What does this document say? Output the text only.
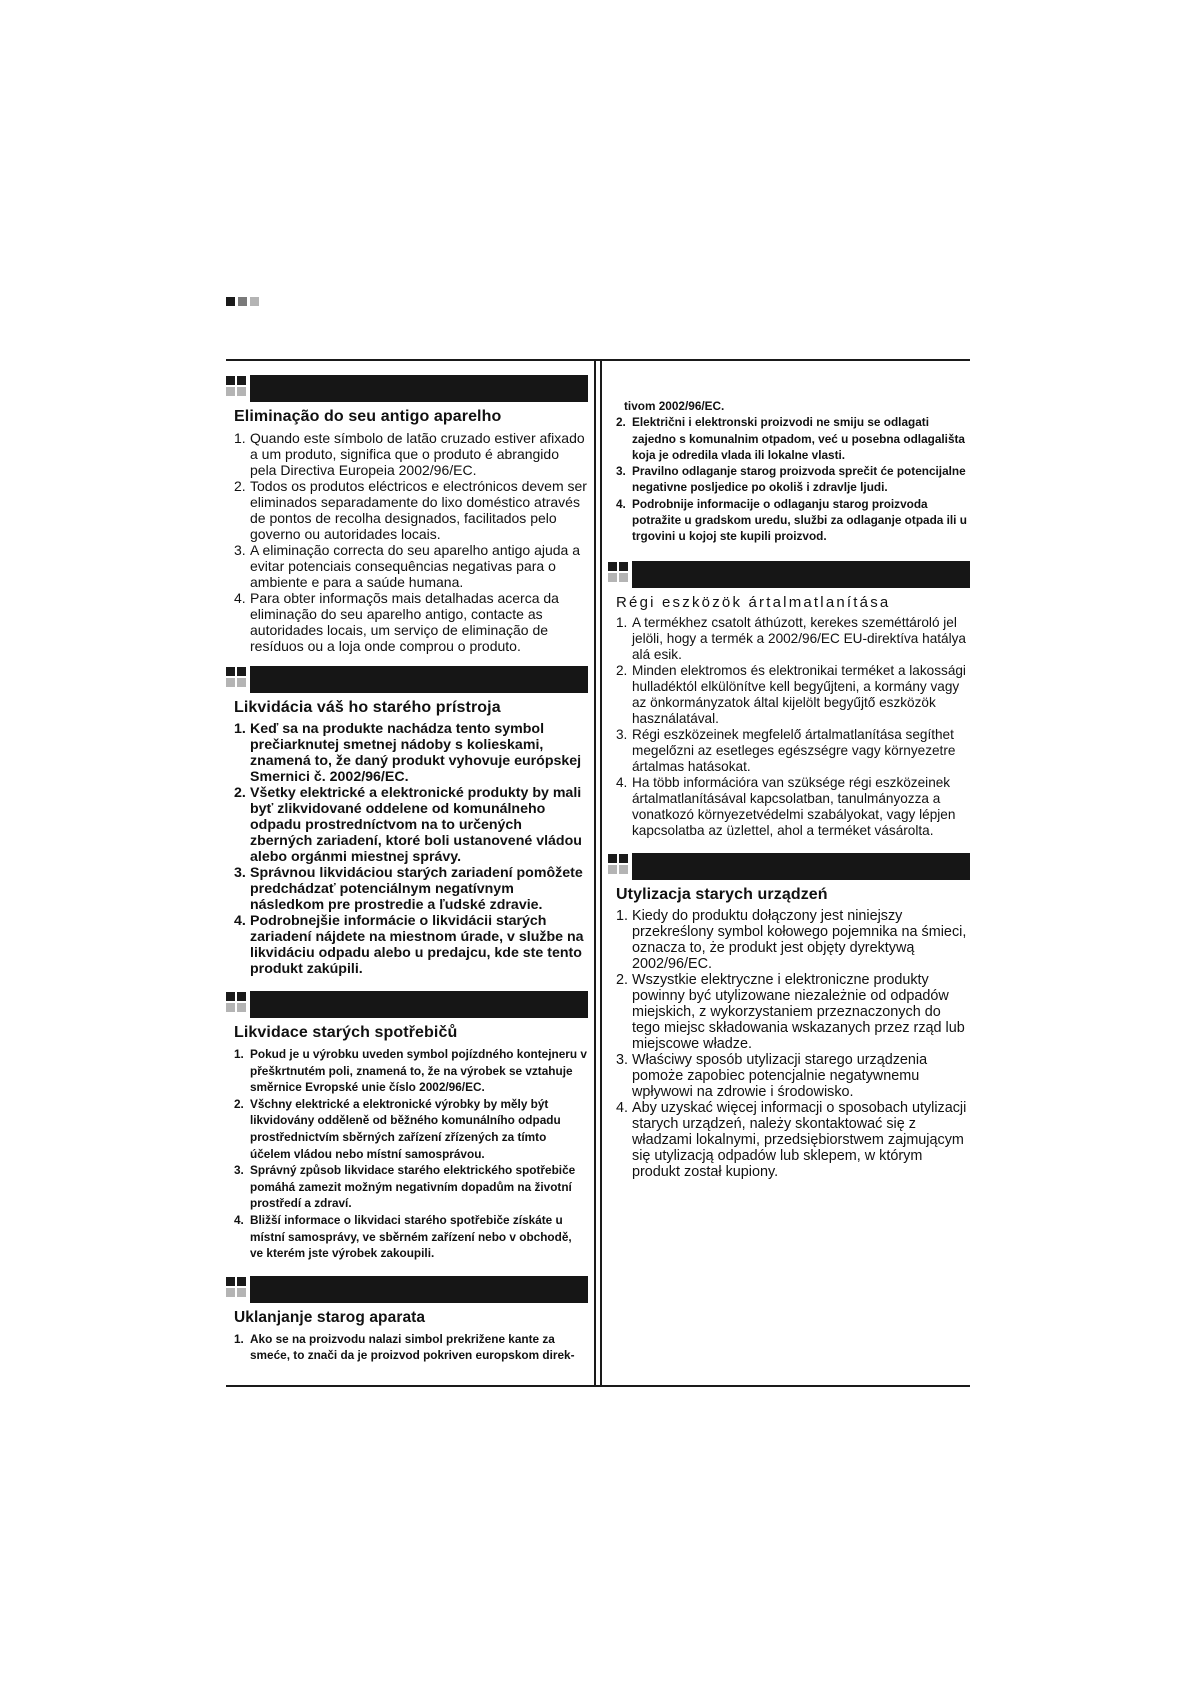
Eliminação do seu antigo aparelho
1. Quando este símbolo de latão cruzado estiver afixado a um produto, significa que o produto é abrangido pela Directiva Europeia 2002/96/EC.
2. Todos os produtos eléctricos e electrónicos devem ser eliminados separadamente do lixo doméstico através de pontos de recolha designados, facilitados pelo governo ou autoridades locais.
3. A eliminação correcta do seu aparelho antigo ajuda a evitar potenciais consequências negativas para o ambiente e para a saúde humana.
4. Para obter informaçõs mais detalhadas acerca da eliminação do seu aparelho antigo, contacte as autoridades locais, um serviço de eliminação de resíduos ou a loja onde comprou o produto.
Likvidácia váš ho starého prístroja
1. Keď sa na produkte nachádza tento symbol prečiarknutej smetnej nádoby s kolieskami, znamená to, že daný produkt vyhovuje európskej Smernici č. 2002/96/EC.
2. Všetky elektrické a elektronické produkty by mali byť zlikvidované oddelene od komunálneho odpadu prostredníctvom na to určených zberných zariadení, ktoré boli ustanovené vládou alebo orgánmi miestnej správy.
3. Správnou likvidáciou starých zariadení pomôžete predchádzať potenciálnym negatívnym následkom pre prostredie a ľudské zdravie.
4. Podrobnejšie informácie o likvidácii starých zariadení nájdete na miestnom úrade, v službe na likvidáciu odpadu alebo u predajcu, kde ste tento produkt zakúpili.
Likvidace starých spotřebičů
1. Pokud je u výrobku uveden symbol pojízdného kontejneru v přeškrtnutém poli, znamená to, že na výrobek se vztahuje směrnice Evropské unie číslo 2002/96/EC.
2. Všchny elektrické a elektronické výrobky by měly být likvidovány odděleně od běžného komunálního odpadu prostřednictvím sběrných zařízení zřízených za tímto účelem vládou nebo místní samosprávou.
3. Správný způsob likvidace starého elektrického spotřebiče pomáhá zamezit možným negativním dopadům na životní prostředí a zdraví.
4. Bližší informace o likvidaci starého spotřebiče získáte u místní samosprávy, ve sběrném zařízení nebo v obchodě, ve kterém jste výrobek zakoupili.
Uklanjanje starog aparata
1. Ako se na proizvodu nalazi simbol prekrižene kante za smeće, to znači da je proizvod pokriven europskom direk-
tivom 2002/96/EC.
2. Električni i elektronski proizvodi ne smiju se odlagati zajedno s komunalnim otpadom, već u posebna odlagališta koja je odredila vlada ili lokalne vlasti.
3. Pravilno odlaganje starog proizvoda sprečit će potencijalne negativne posljedice po okoliš i zdravlje ljudi.
4. Podrobnije informacije o odlaganju starog proizvoda potražite u gradskom uredu, službi za odlaganje otpada ili u trgovini u kojoj ste kupili proizvod.
Régi eszközök ártalmatlanítása
1. A termékhez csatolt áthúzott, kerekes szeméttároló jel jelöli, hogy a termék a 2002/96/EC EU-direktíva hatálya alá esik.
2. Minden elektromos és elektronikai terméket a lakossági hulladéktól elkülönítve kell begyűjteni, a kormány vagy az önkormányzatok által kijelölt begyűjtő eszközök használatával.
3. Régi eszközeinek megfelelő ártalmatlanítása segíthet megelőzni az esetleges egészségre vagy környezetre ártalmas hatásokat.
4. Ha több információra van szüksége régi eszközeinek ártalmatlanításával kapcsolatban, tanulmányozza a vonatkozó környezetvédelmi szabályokat, vagy lépjen kapcsolatba az üzlettel, ahol a terméket vásárolta.
Utylizacja starych urządzeń
1. Kiedy do produktu dołączony jest niniejszy przekreślony symbol kołowego pojemnika na śmieci, oznacza to, że produkt jest objęty dyrektywą 2002/96/EC.
2. Wszystkie elektryczne i elektroniczne produkty powinny być utylizowane niezależnie od odpadów miejskich, z wykorzystaniem przeznaczonych do tego miejsc składowania wskazanych przez rząd lub miejscowe władze.
3. Właściwy sposób utylizacji starego urządzenia pomoże zapobiec potencjalnie negatywnemu wpływowi na zdrowie i środowisko.
4. Aby uzyskać więcej informacji o sposobach utylizacji starych urządzeń, należy skontaktować się z władzami lokalnymi, przedsiębiorstwem zajmującym się utylizacją odpadów lub sklepem, w którym produkt został kupiony.
